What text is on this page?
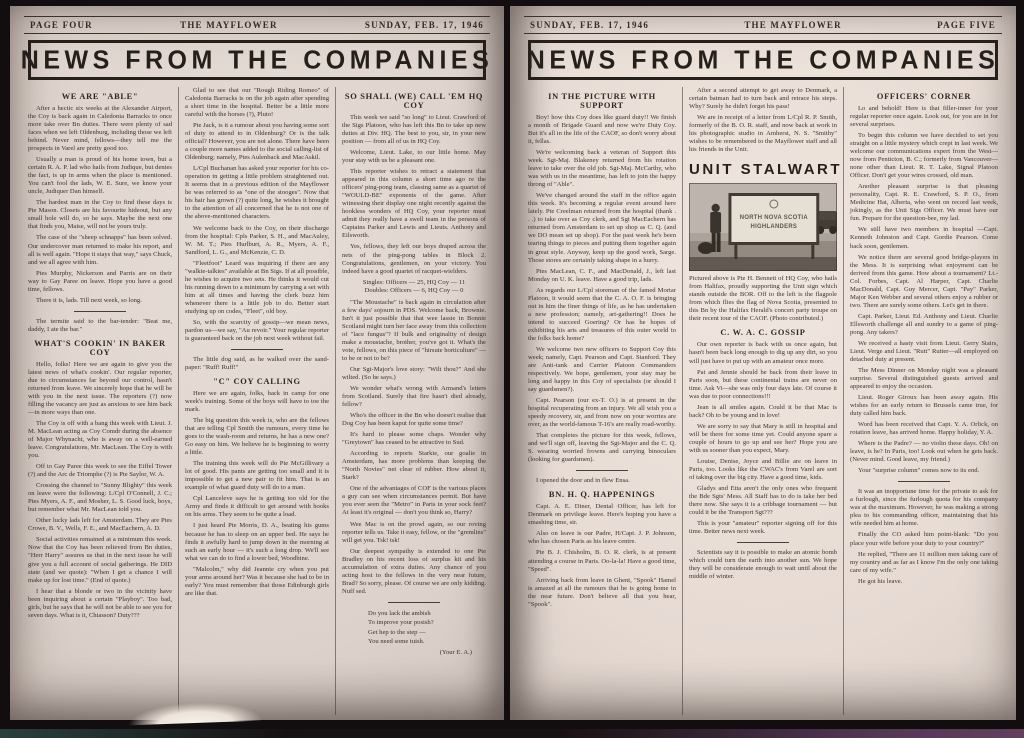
PAGE FOUR	THE MAYFLOWER	SUNDAY, FEB. 17, 1946
NEWS FROM THE COMPANIES
WE ARE "ABLE"

After a hectic six weeks at the Alexander Airport, the Coy is back again in Caledonia Barracks to once more take over Bn duties. There were plenty of sad faces when we left Oldenburg, including those we left behind. Never mind, fellows—they tell me the prospects in Varel are pretty good too.

Usually a man is proud of his home town, but a certain R. A. P. lad who hails from Judique, but denies the fact, is up in arms when the place is mentioned. You can't fool the lads, W. E. Sure, we know your uncle, Judiquer Dan himself.

The hardest man in the Coy to find these days is Pte Mason. Closets are his favourite hideout, but any small hole will do, so he says. Maybe the next one that finds you, Maise, will not be yours truly.

The case of the "sheep schnapps" has been solved. Our undercover man returned to make his report, and all is well again. "Hope it stays that way," says Chuck, and we all agree with him.

Ptes Murphy, Nickerson and Parris are on their way to Gay Paree on leave. Hope you have a good time, fellows.

There it is, lads. Till next week, so long.

The termite said to the bar-tender: "Beat me, daddy, I ate the bar."

WHAT'S COOKIN' IN BAKER COY

Hello, folks! Here we are again to give you the latest news of what's cookin'. Our regular reporter, due to circumstances far beyond our control, hasn't returned from leave. We sincerely hope that he will be with you in the next issue. The reporters (?) now filling the vacancy are just as anxious to see him back—in more ways than one.

The Coy is off with a bang this week with Lieut. J. M. MacLean acting as Coy Comdr during the absence of Major Whynacht, who is away on a well-earned leave. Congratulations, Mr. MacLean. The Coy is with you.

Off to Gay Paree this week to see the Eiffel Tower (?) and the Arc de Triomphe (?) is Pte Saylor, W. A.

Crossing the channel to "Sunny Blighty" this week on leave were the following: L/Cpl O'Connell, J. C.; Ptes Myers, A. F., and Mosher, L. S. Good luck, boys, but remember what Mr. MacLean told you.

Other lucky lads left for Amsterdam. They are Ptes Crowe, B. V., Wells, F. E., and MacEachern, A. D.

Social activities remained at a minimum this week. Now that the Coy has been relieved from Bn duties, "Herr Harry" assures us that in the next issue he will give you a full account of social gatherings. He DID state (and we quote): "When I get a chance I will make up for lost time." (End of quote.)

I hear that a blonde or two in the vicinity have been inquiring about a certain "Playboy". Too bad, girls, but he says that he will not be able to see you for seven days. What is it, Chiasson? Duty???

Glad to see that our "Rough Riding Romeo" of Caledonia Barracks is on the job again after spending a short time in the hospital. Better be a little more careful with the horses (?), Pluto!

Pte Jack, is it a rumour about you having some sort of duty to attend to in Oldenburg? Or is the talk official? However, you are not alone. There have been a couple more names added to the social calling-list of Oldenburg; namely, Ptes Aulenback and MacAskil.

L/Cpl Buchanan has asked your reporter for his co-operation in getting a little problem straightened out. It seems that in a previous edition of the Mayflower he was referred to as "one of the stooges". Now that his hair has grown (?) quite long, he wishes it brought to the attention of all concerned that he is not one of the above-mentioned characters.

We welcome back to the Coy, on their discharge from the hospital: Cpls Parker, S. H., and MacAuley, W. M. T.; Ptes Hurlburt, A. R., Myers, A. F., Sandford, L. G., and McKenzie, C. D.

"Fleetfoot" Leard was inquiring if there are any "walkie-talkies" available at Bn Sigs. If at all possible, he wishes to acquire two sets. He thinks it would cut his running down to a minimum by carrying a set with him at all times and having the clerk buzz him whenever there is a little job to do. Better start studying up on codes, "Fleet", old boy.

So, with the scarcity of gossip—we mean news, pardon us—we say, "Au revoir." Your regular reporter is guaranteed back on the job next week without fail.

The little dog said, as he walked over the sand-paper: "Ruff! Ruff!"

"C" COY CALLING

Here we are again, folks, back in camp for one week's training. Some of the boys will have to toe the mark.

The big question this week is, who are the fellows that are telling Cpl Smith the rumours, every time he goes to the wash-room and returns, he has a new one? Go easy on him. We believe he is beginning to worry a little.

The training this week will do Pte McGillivary a lot of good. His pants are getting too small and it is impossible to get a new pair to fit him. That is an example of what guard duty will do to a man.

Cpl Lanceleve says he is getting too old for the Army and finds it difficult to get around with hooks on his arms. They seem to be quite a load.

I just heard Pte Morris, D. A., beating his gums because he has to sleep on an upper bed. He says he finds it awfully hard to jump down in the morning at such an early hour — it's such a long drop. We'll see what we can do to find a lower bed, Woodbine.

"Malcolm," why did Jeannie cry when you put your arms around her? Was it because she had to be in early? You must remember that those Edinburgh girls are like that.

SO SHALL (WE) CALL 'EM HQ COY

This week we said "so long" to Lieut. Crawford of the Sigs Platoon, who has left this Bn to take up new duties at Div. HQ. The best to you, sir, in your new position — from all of us in HQ Coy.

Welcome, Lieut. Lake, to our little home. May your stay with us be a pleasant one.

This reporter wishes to retract a statement that appeared in this column a short time ago re the officers' ping-pong team, classing same as a quartet of "WOULD-BE" exponents of the game. After witnessing their display one night recently against the hookless wonders of HQ Coy, your reporter must admit they really have a swell team in the persons of Captains Parker and Lewis and Lieuts. Anthony and Eilsworth.

Yes, fellows, they left our boys draped across the nets of the ping-pong tables in Block 2. Congratulations, gentlemen, on your victory. You indeed have a good quartet of racquet-wielders.

Singles: Officers — 25, HQ Coy — 11
Doubles: Officers — 6, HQ Coy — 0

"The Moustache" is back again in circulation after a few days' sojourn in PDS. Welcome back, Brownie. Isn't it just possible that that wee lassie in Bonnie Scotland might turn her face away from this collection of "lace fungus"? If bulk and originality of design make a moustache, brother, you've got it. What's the vote, fellows, on this piece of "hirsute horticulture" — to be or not to be?

Our Sgt-Major's love story: "Wilt thou?" And she wilted. (So he says.)

We wonder what's wrong with Armand's letters from Scotland. Surely that fire hasn't died already, fellow?

Who's the officer in the Bn who doesn't realise that Dog Coy has been kaput for quite some time?

It's hard to please some chaps. Wonder why "Greytown" has ceased to be attractive to Sud.

According to reports Starkie, our goalie in Amsterdam, has more problems than keeping the "North Novies" net clear of rubber. How about it, Stark?

One of the advantages of COF is the various places a guy can see when circumstances permit. But have you ever seen the "Metro" in Paris in your sock feet? At least it's original — don't you think so, Harry?

Wee Mac is on the prowl again, so our roving reporter tells us. Take it easy, fellow, or the "gremlins" will get you. Tsk! tsk!

Our deepest sympathy is extended to one Pte Bradley on his recent loss of surplus kit and his accumulation of extra duties. Any chance of you acting host to the fellows in the very near future, Brad? So sorry, please. Of course we are only kidding. Nuff sed.

Do you lack the ambish
To improve your posish?
Get hep to the step —
You need some tuish.
(Your E. A.)
SUNDAY, FEB. 17, 1946	THE MAYFLOWER	PAGE FIVE
NEWS FROM THE COMPANIES
IN THE PICTURE WITH SUPPORT

Boy! how this Coy does like guard duty!! We finish a month of Brigade Guard and now we're Duty Coy. But it's all in the life of the CAOF, so don't worry about it, fellas.

We're welcoming back a veteran of Support this week. Sgt-Maj. Blakeney returned from his rotation leave to take over the old job. Sgt-Maj. McCarthy, who was with us in the meantime, has left to join the happy throng of "Able".

We've changed around the staff in the office again this week. It's becoming a regular event around here lately. Pte Creelman returned from the hospital (thank . . .) to take over as Coy clerk, and Sgt MacEachern has returned from Amsterdam to set up shop as C. Q. (and we DO mean set up shop). For the past week he's been tearing things to pieces and putting them together again in great style. Anyway, keep up the good work, Sarge. Those stores are certainly taking shape in a hurry.

Ptes MacLean, C. F., and MacDonald, J., left last Monday on U. K. leave. Have a good trip, lads.

As regards our L/Cpl storeman of the famed Mortar Platoon, it would seem that the C. A. O. F. is bringing out in him the finer things of life, as he has undertaken a new profession; namely, art-gathering!! Does he intend to succeed Goering? Or has he hopes of exhibiting his arts and treasures of this outer world to the folks back home?

We welcome two new officers to Support Coy this week; namely, Capt. Pearson and Capt. Stanford. They are Anti-tank and Carrier Platoon Commanders respectively. We hope, gentlemen, your stay may be long and happy in this Coy of specialists (or should I say guardsmen?).

Capt. Pearson (our ex-T. O.) is at present in the hospital recuperating from an injury. We all wish you a speedy recovery, sir, and from now on your worries are over, as the world-famous T-16's are really road-worthy.

That completes the picture for this week, fellows, and we'll sign off, leaving the Sgt-Major and the C. Q. S. wearing worried frowns and carrying binoculars (looking for guardsmen).

I opened the door and in flew Ensa.

BN. H. Q. HAPPENINGS

Capt. A. E. Diner, Dental Officer, has left for Denmark on privilege leave. Here's hoping you have a smashing time, sir.

Also on leave is our Padre, H/Capt. J. P. Johnson, who has chosen Paris as his leave centre.

Pte B. J. Chisholm, B. O. R. clerk, is at present attending a course in Paris. Oo-la-la! Have a good time, "Speed".

Arriving back from leave in Ghent, "Spook" Hamel is amazed at all the rumours that he is going home in the near future. Don't believe all that you hear, "Spook".

After a second attempt to get away to Denmark, a certain batman had to turn back and retrace his steps. Why? Surely he didn't forget his pass!

We are in receipt of a letter from L/Cpl R. P. Smith, formerly of the B. O. R. staff, and now back at work in his photographic studio in Amherst, N. S. "Smithy" wishes to be remembered to the Mayflower staff and all his friends in the Unit.

UNIT STALWART
NORTH NOVA SCOTIA
HIGHLANDERS

Pictured above is Pte H. Bennett of HQ Coy, who hails from Halifax, proudly supporting the Unit sign which stands outside the BOR. Off to the left is the flagpole from which flies the flag of Nova Scotia, presented to this Bn by the Halifax Herald's concert party troupe on their recent tour of the CAOF. (Photo contributed.)

C. W. A. C. GOSSIP

Our own reporter is back with us once again, but hasn't been back long enough to dig up any dirt, so you will just have to put up with an amateur once more.

Pat and Jennie should be back from their leave in Paris soon, but these continental trains are never on time. Ask Vi—she was only four days late. Of course it was due to poor connections!!!

Jean is all smiles again. Could it be that Mac is back? Oh to be young and in love!

We are sorry to say that Mary is still in hospital and will be there for some time yet. Could anyone spare a couple of hours to go up and see her? Hope you are with us sooner than you expect, Mary.

Louise, Denise, Joyce and Billie are on leave in Paris, too. Looks like the CWAC's from Varel are sort of taking over the big city. Have a good time, kids.

Gladys and Etta aren't the only ones who frequent the Bde Sgts' Mess. All Staff has to do is take her bed there now. She says it is a cribbage tournament — but could it be the Transport Sgt???

This is your "amateur" reporter signing off for this time. Better news next week.

Scientists say it is possible to make an atomic bomb which could turn the earth into another sun. We hope they will be considerate enough to wait until about the middle of winter.

OFFICERS' CORNER

Lo and behold! Here is that filler-inner for your regular reporter once again. Look out, for you are in for several surprises.

To begin this column we have decided to set you straight on a little mystery which crept in last week. We welcome our communications expert from the West—now from Penticton, B. C.; formerly from Vancouver—none other than Lieut. R. T. Lake, Signal Platoon Officer. Don't get your wires crossed, old man.

Another pleasant surprise is that pleasing personality, Capt. R. E. Crawford, S. P. O., from Medicine Hat, Alberta, who went on record last week, jokingly, as the Unit Sigs Officer. We must have our fun. Prepare for the question-bee, my lad.

We still have two members in hospital —Capt. Kenneth Johnston and Capt. Gordie Pearson. Come back soon, gentlemen.

We notice there are several good bridge-players in the Mess. It is surprising what enjoyment can be derived from this game. How about a tournament? Lt.-Col. Forbes, Capt. Al Harper, Capt. Charlie MacDonald, Capt. Guy Mercer, Capt. "Pay" Parker, Major Ken Webber and several others enjoy a rubber or two. There are surely some others. Let's get in there.

Capt. Parker, Lieut. Ed. Anthony and Lieut. Charlie Ellsworth challenge all and sundry to a game of ping-pong. Any takers?

We received a hasty visit from Lieut. Gerry Stairs, Lieut. Verge and Lieut. "Rutt" Rutter—all employed on detached duty at present.

The Mess Dinner on Monday night was a pleasant surprise. Several distinguished guests arrived and appeared to enjoy the occasion.

Lieut. Roger Giroux has been away again. His wishes for an early return to Brussels came true, for duty called him back.

Word has been received that Capt. Y. A. Orlick, on rotation leave, has arrived home. Happy holiday, Y. A.

Where is the Padre? — no violin these days. Oh! on leave, is he? In Paris, too! Look out when he gets back. (Never mind. Good leave, my friend.)

Your "surprise column" comes now to its end.

It was an inopportune time for the private to ask for a furlough, since the furlough quota for his company was at the maximum. However, he was making a strong plea to his commanding officer, maintaining that his wife needed him at home.

Finally the CO asked him point-blank: "Do you place your wife before your duty to your country?"

He replied, "There are 11 million men taking care of my country and as far as I know I'm the only one taking care of my wife."

He got his leave.
